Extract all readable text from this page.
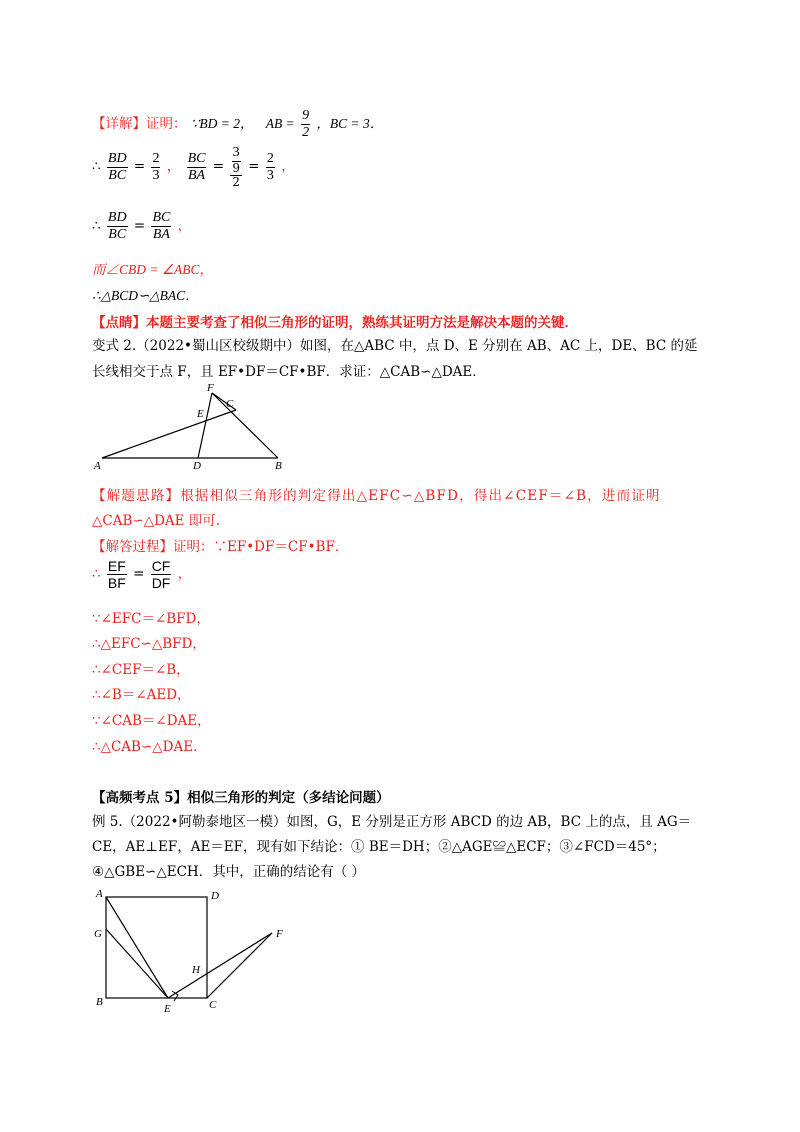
【详解】证明： ∵BD = 2， AB = $\frac{9}{2}$ ，BC = 3．
∴ $\frac{BD}{BC} = \frac{2}{3}$ ， $\frac{BC}{BA} = \frac{3}{\frac{9}{2}} = \frac{2}{3}$ ，
∴ $\frac{BD}{BC} = \frac{BC}{BA}$ ，
而∠CBD = ∠ABC，
∴△BCD∽△BAC．
【点睛】本题主要考查了相似三角形的证明，熟练其证明方法是解决本题的关键．
变式 2.（2022•蜀山区校级期中）如图，在△ABC 中，点 D、E 分别在 AB、AC 上，DE、BC 的延
长线相交于点 F，且 EF•DF＝CF•BF．求证：△CAB∽△DAE．
A	D	B
E
F
C
【解题思路】根据相似三角形的判定得出△EFC∽△BFD，得出∠CEF＝∠B，进而证明
△CAB∽△DAE 即可．
【解答过程】证明：∵EF•DF＝CF•BF．
∴ $\frac{EF}{BF} = \frac{CF}{DF}$ ，
∵∠EFC＝∠BFD，
∴△EFC∽△BFD，
∴∠CEF＝∠B，
∴∠B＝∠AED，
∵∠CAB＝∠DAE，
∴△CAB∽△DAE．
【高频考点 5】相似三角形的判定（多结论问题）
例 5.（2022•阿勒泰地区一模）如图，G，E 分别是正方形 ABCD 的边 AB，BC 上的点，且 AG＝
CE，AE⊥EF，AE＝EF，现有如下结论：① BE＝DH；②△AGE≌△ECF；③∠FCD＝45°；
④△GBE∽△ECH．其中，正确的结论有（ ）
A	D
G	F
H
B
E	C
